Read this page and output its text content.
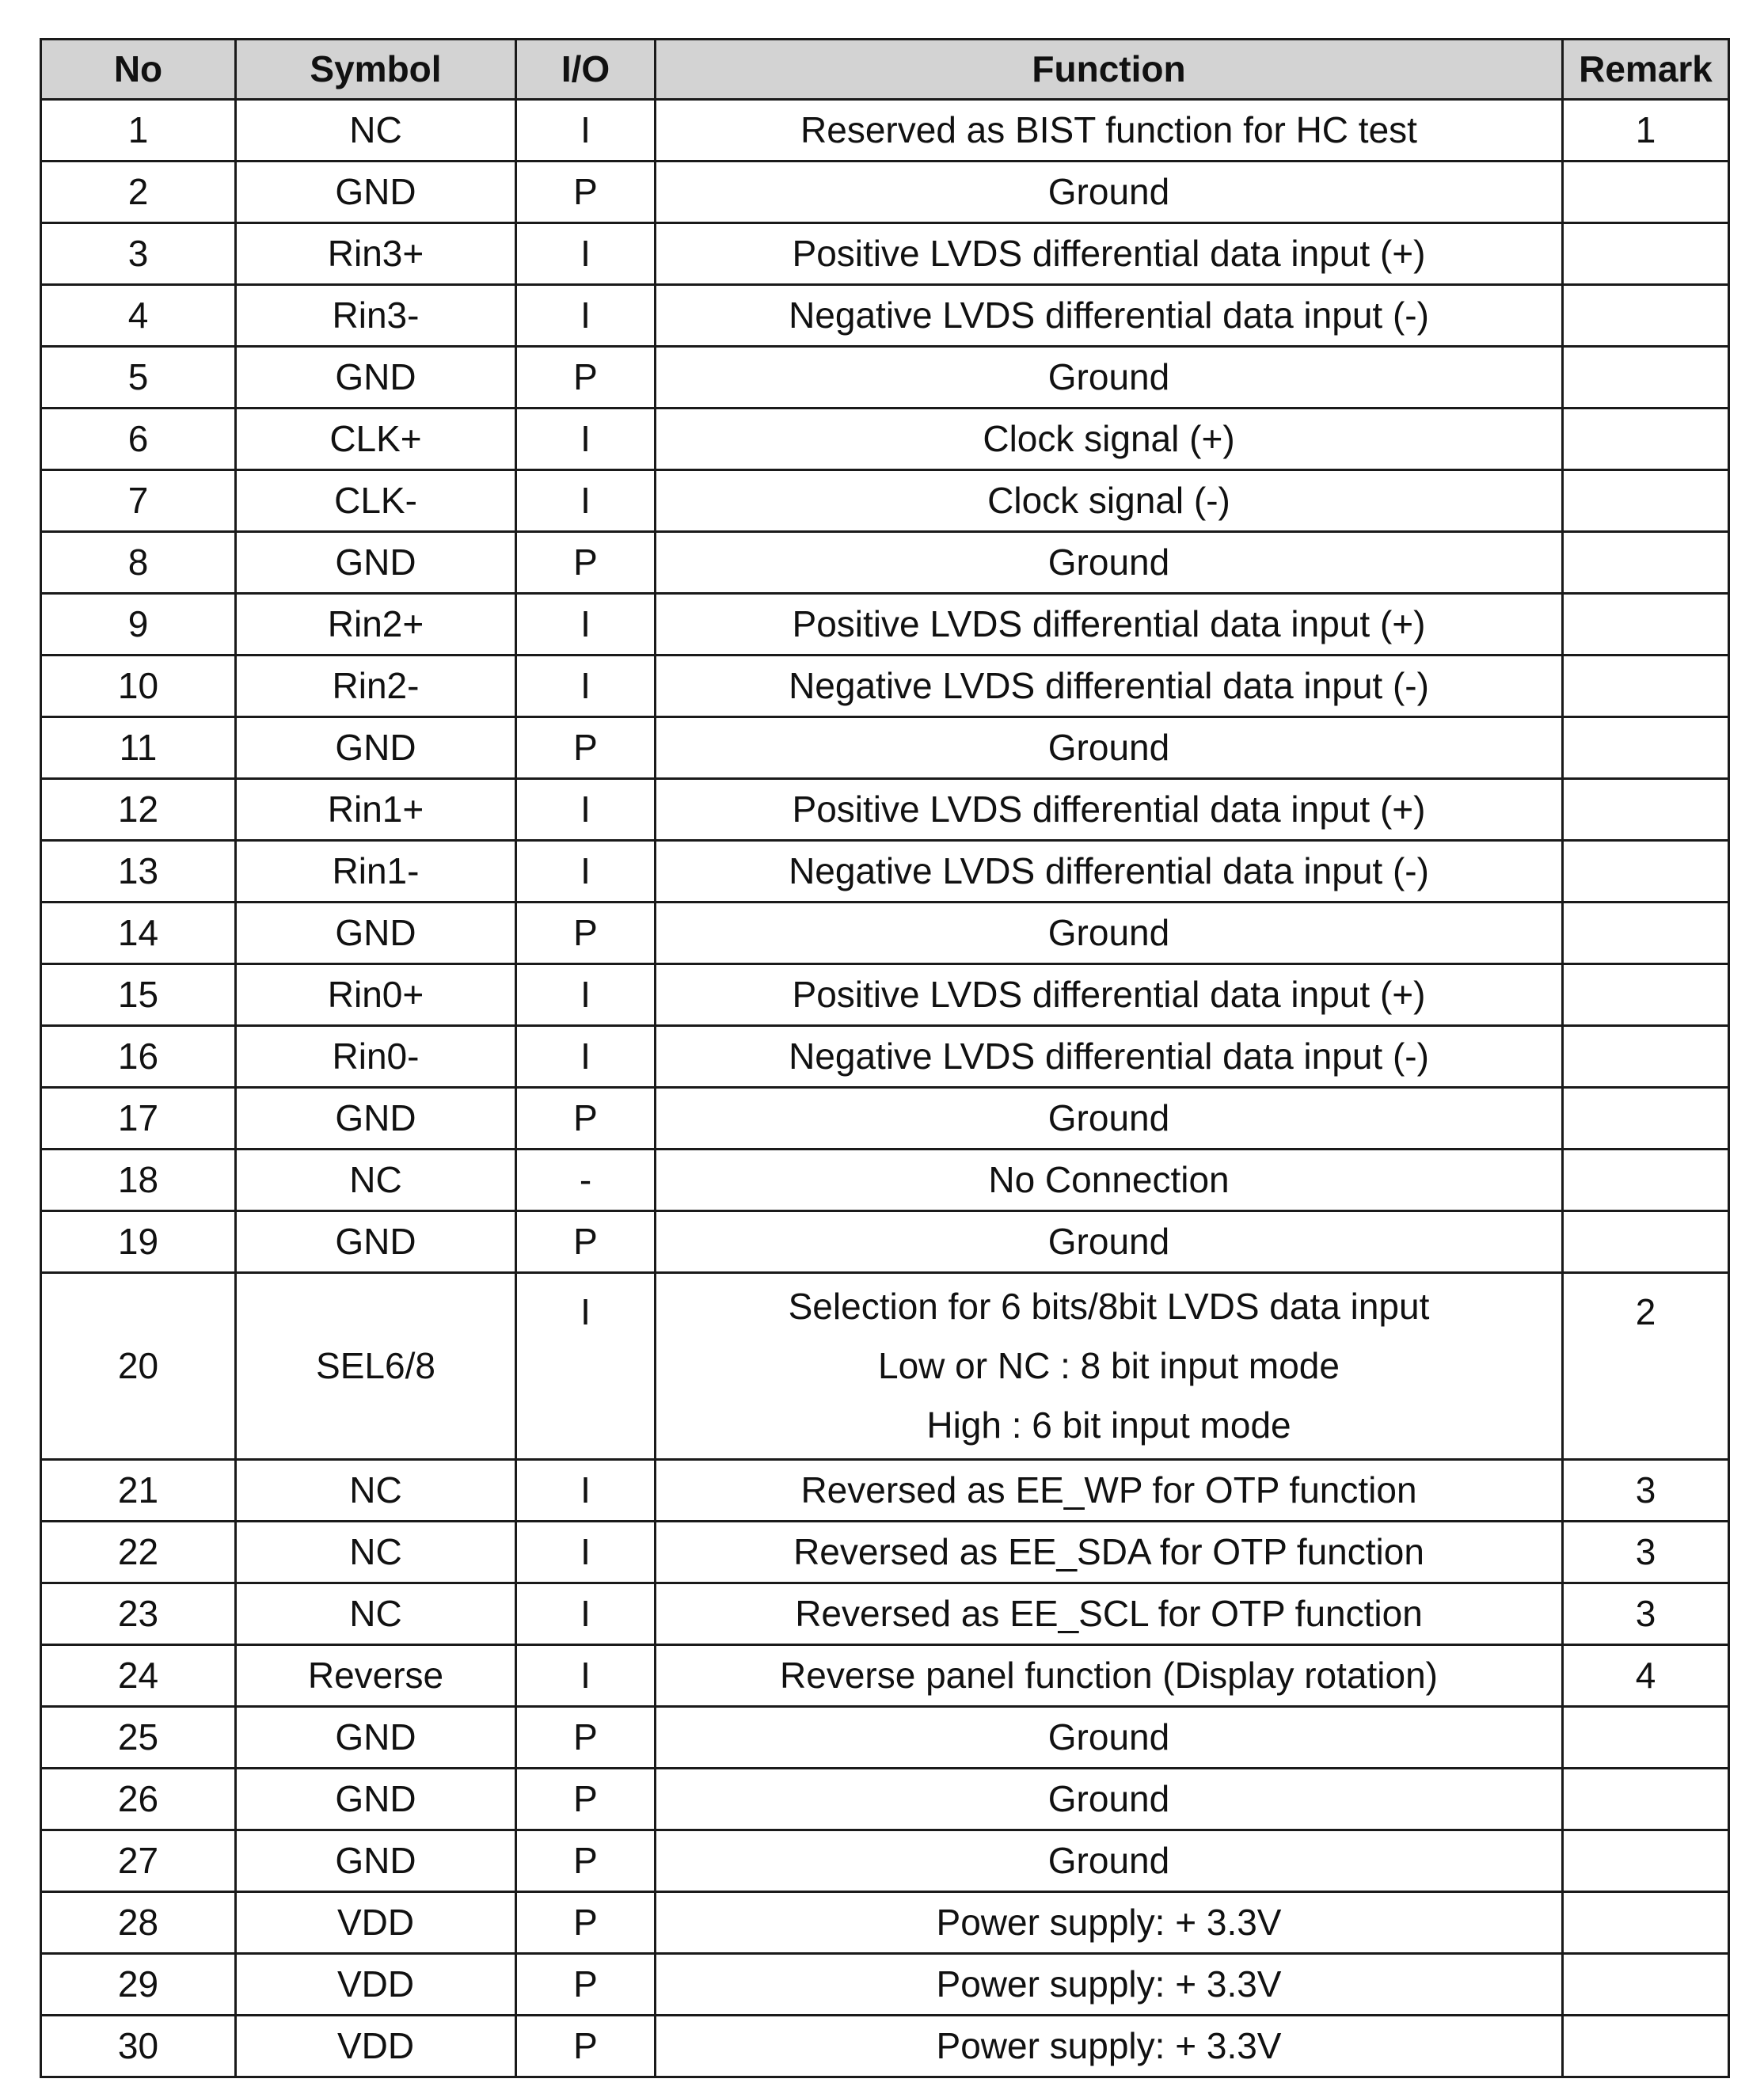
No	Symbol	I/O	Function	Remark
1	NC	I	Reserved as BIST function for HC test	1
2	GND	P	Ground	

3	Rin3+	I	Positive LVDS differential data input (+)	

4	Rin3-	I	Negative LVDS differential data input (-)	

5	GND	P	Ground	

6	CLK+	I	Clock signal (+)	

7	CLK-	I	Clock signal (-)	

8	GND	P	Ground	

9	Rin2+	I	Positive LVDS differential data input (+)	

10	Rin2-	I	Negative LVDS differential data input (-)	

11	GND	P	Ground	

12	Rin1+	I	Positive LVDS differential data input (+)	

13	Rin1-	I	Negative LVDS differential data input (-)	

14	GND	P	Ground	

15	Rin0+	I	Positive LVDS differential data input (+)	

16	Rin0-	I	Negative LVDS differential data input (-)	

17	GND	P	Ground	

18	NC	-	No Connection	

19	GND	P	Ground	

20	SEL6/8	I	Selection for 6 bits/8bit LVDS data input
Low or NC : 8 bit input mode
High : 6 bit input mode	2
21	NC	I	Reversed as EE_WP for OTP function	3
22	NC	I	Reversed as EE_SDA for OTP function	3
23	NC	I	Reversed as EE_SCL for OTP function	3
24	Reverse	I	Reverse panel function (Display rotation)	4
25	GND	P	Ground	

26	GND	P	Ground	

27	GND	P	Ground	

28	VDD	P	Power supply: + 3.3V	

29	VDD	P	Power supply: + 3.3V	

30	VDD	P	Power supply: + 3.3V	
